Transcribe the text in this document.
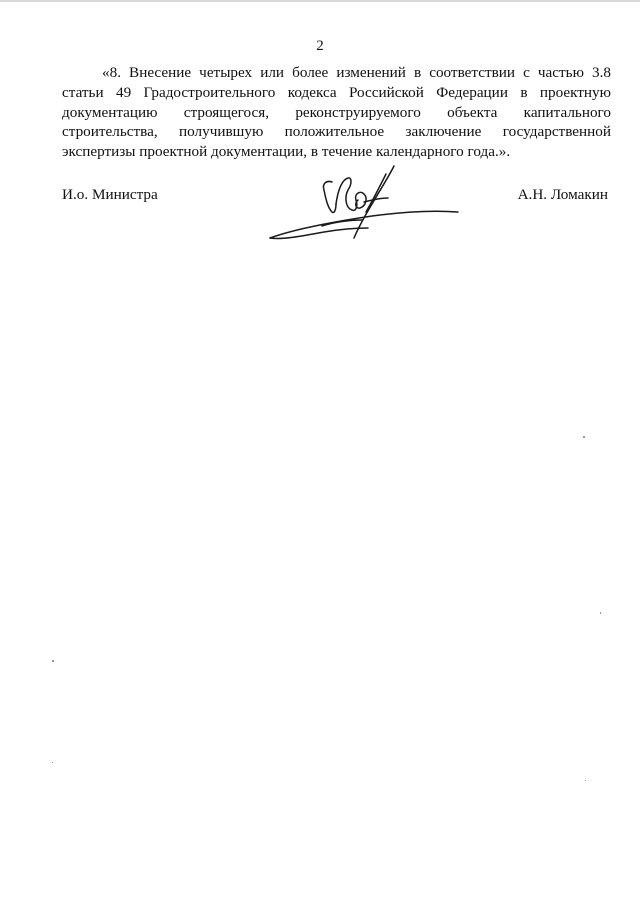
2
«8. Внесение четырех или более изменений в соответствии с частью 3.8
статьи 49 Градостроительного кодекса Российской Федерации в проектную
документацию строящегося, реконструируемого объекта капитального
строительства, получившую положительное заключение государственной
экспертизы проектной документации, в течение календарного года.».
И.о. Министра	А.Н. Ломакин
